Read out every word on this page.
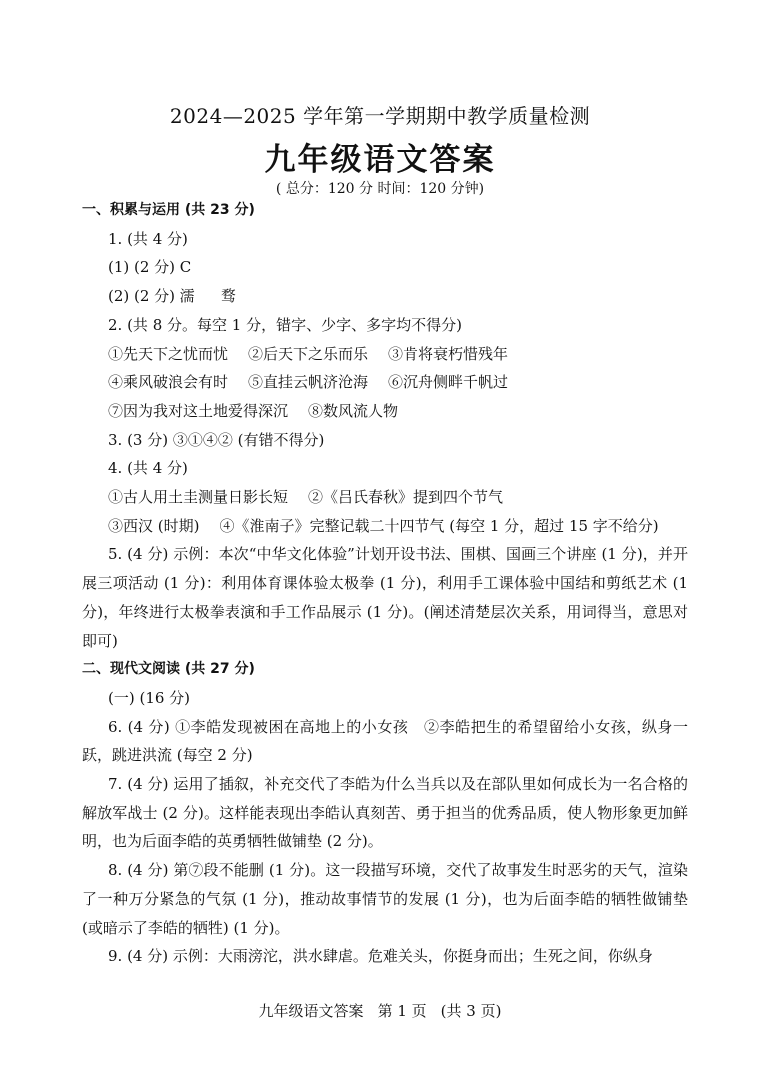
2024—2025 学年第一学期期中教学质量检测
九年级语文答案
( 总分：120 分 时间：120 分钟)
一、积累与运用 (共 23 分)
1. (共 4 分)
(1) (2 分) C
(2) (2 分) 濡 骛
2. (共 8 分。每空 1 分，错字、少字、多字均不得分)
①先天下之忧而忧 ②后天下之乐而乐 ③肯将衰朽惜残年
④乘风破浪会有时 ⑤直挂云帆济沧海 ⑥沉舟侧畔千帆过
⑦因为我对这土地爱得深沉 ⑧数风流人物
3. (3 分) ③①④② (有错不得分)
4. (共 4 分)
①古人用土圭测量日影长短 ②《吕氏春秋》提到四个节气
③西汉 (时期) ④《淮南子》完整记载二十四节气 (每空 1 分，超过 15 字不给分)
5. (4 分) 示例：本次“中华文化体验”计划开设书法、围棋、国画三个讲座 (1 分)，并开展三项活动 (1 分)：利用体育课体验太极拳 (1 分)，利用手工课体验中国结和剪纸艺术 (1 分)，年终进行太极拳表演和手工作品展示 (1 分)。(阐述清楚层次关系，用词得当，意思对即可)
二、现代文阅读 (共 27 分)
(一) (16 分)
6. (4 分) ①李皓发现被困在高地上的小女孩　②李皓把生的希望留给小女孩，纵身一跃，跳进洪流 (每空 2 分)
7. (4 分) 运用了插叙，补充交代了李皓为什么当兵以及在部队里如何成长为一名合格的解放军战士 (2 分)。这样能表现出李皓认真刻苦、勇于担当的优秀品质，使人物形象更加鲜明，也为后面李皓的英勇牺牲做铺垫 (2 分)。
8. (4 分) 第⑦段不能删 (1 分)。这一段描写环境，交代了故事发生时恶劣的天气，渲染了一种万分紧急的气氛 (1 分)，推动故事情节的发展 (1 分)，也为后面李皓的牺牲做铺垫 (或暗示了李皓的牺牲) (1 分)。
9. (4 分) 示例：大雨滂沱，洪水肆虐。危难关头，你挺身而出；生死之间，你纵身
九年级语文答案 第 1 页 (共 3 页)
